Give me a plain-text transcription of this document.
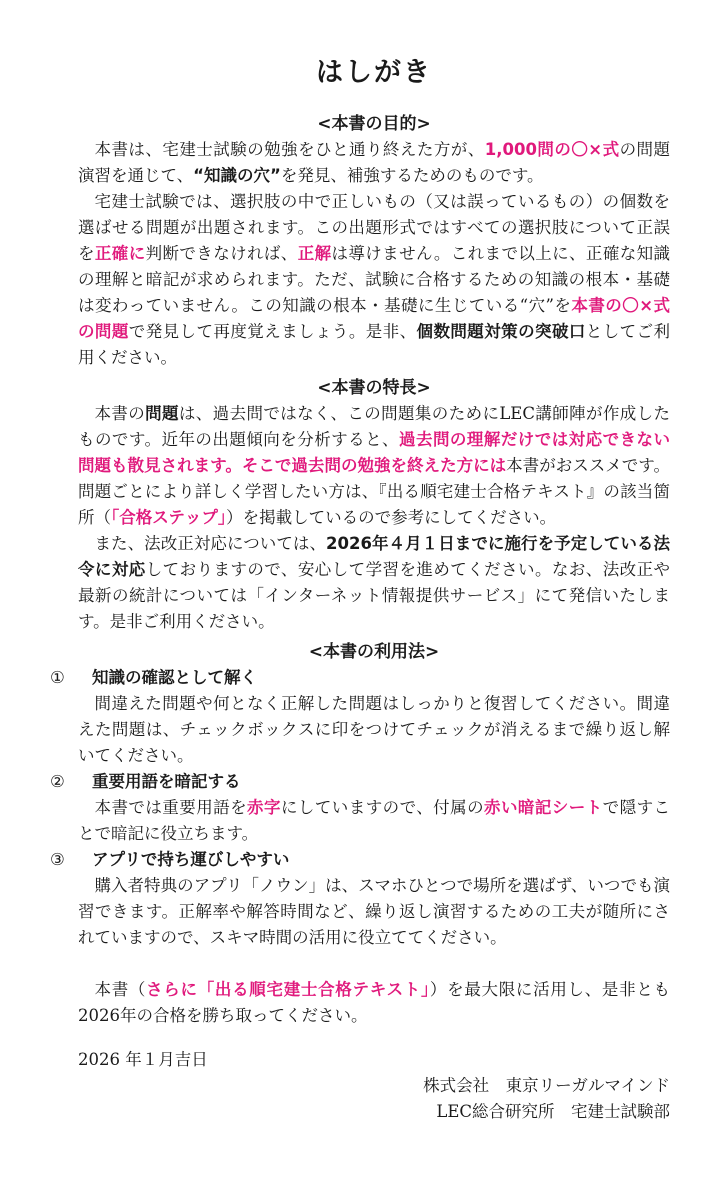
はしがき
<本書の目的>

本書は、宅建士試験の勉強をひと通り終えた方が、1,000問の〇×式の問題演習を通じて、“知識の穴”を発見、補強するためのものです。

宅建士試験では、選択肢の中で正しいもの（又は誤っているもの）の個数を選ばせる問題が出題されます。この出題形式ではすべての選択肢について正誤を正確に判断できなければ、正解は導けません。これまで以上に、正確な知識の理解と暗記が求められます。ただ、試験に合格するための知識の根本・基礎は変わっていません。この知識の根本・基礎に生じている“穴”を本書の〇×式の問題で発見して再度覚えましょう。是非、個数問題対策の突破口としてご利用ください。

<本書の特長>

本書の問題は、過去問ではなく、この問題集のためにLEC講師陣が作成したものです。近年の出題傾向を分析すると、過去問の理解だけでは対応できない問題も散見されます。そこで過去問の勉強を終えた方には本書がおススメです。問題ごとにより詳しく学習したい方は、『出る順宅建士合格テキスト』の該当箇所（「合格ステップ」）を掲載しているので参考にしてください。

また、法改正対応については、2026年４月１日までに施行を予定している法令に対応しておりますので、安心して学習を進めてください。なお、法改正や最新の統計については「インターネット情報提供サービス」にて発信いたします。是非ご利用ください。

<本書の利用法>
①	知識の確認として解く

間違えた問題や何となく正解した問題はしっかりと復習してください。間違えた問題は、チェックボックスに印をつけてチェックが消えるまで繰り返し解いてください。

②	重要用語を暗記する

本書では重要用語を赤字にしていますので、付属の赤い暗記シートで隠すことで暗記に役立ちます。

③	アプリで持ち運びしやすい

購入者特典のアプリ「ノウン」は、スマホひとつで場所を選ばず、いつでも演習できます。正解率や解答時間など、繰り返し演習するための工夫が随所にされていますので、スキマ時間の活用に役立ててください。

本書（さらに「出る順宅建士合格テキスト」）を最大限に活用し、是非とも2026年の合格を勝ち取ってください。

2026 年１月吉日
株式会社　東京リーガルマインド
LEC総合研究所　宅建士試験部
